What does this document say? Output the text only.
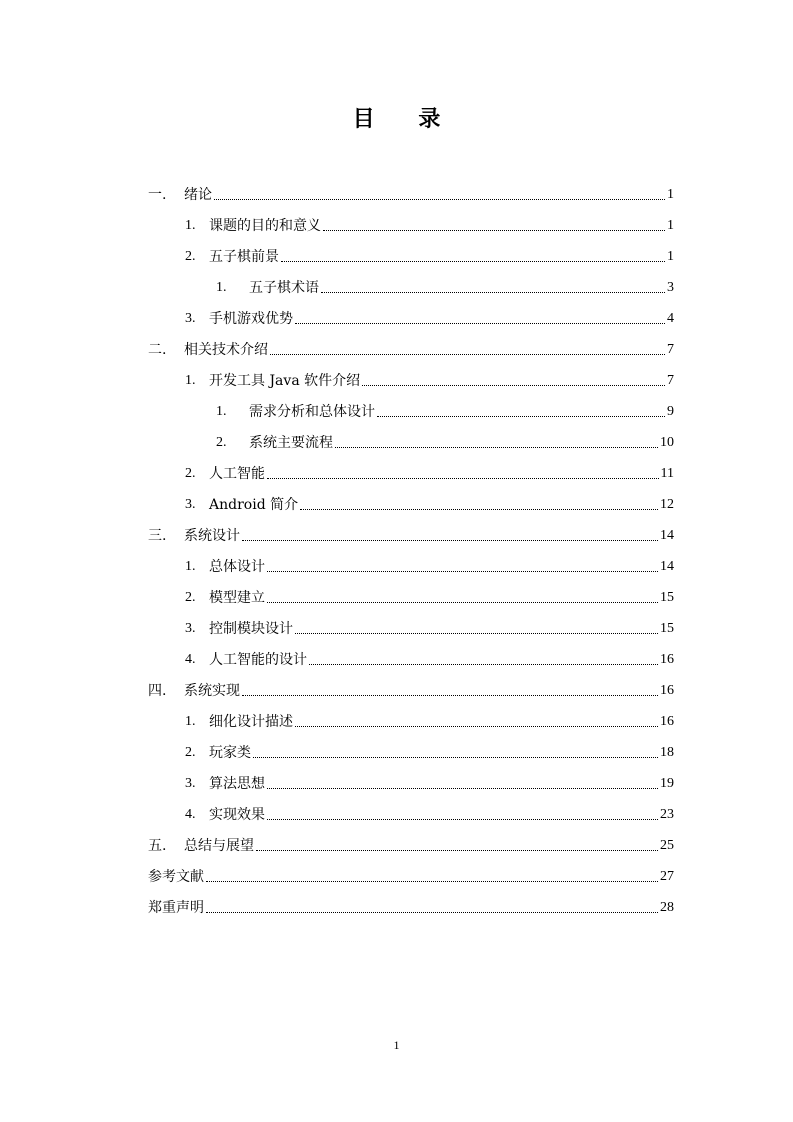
目 录
一.	绪论	1
1. 课题的目的和意义	1
2. 五子棋前景	1
1.	五子棋术语	3
3. 手机游戏优势	4
二.	相关技术介绍	7
1. 开发工具 Java 软件介绍	7
1.	需求分析和总体设计	9
2.	系统主要流程	10
2. 人工智能	11
3. Android 简介	12
三.	系统设计	14
1. 总体设计	14
2. 模型建立	15
3. 控制模块设计	15
4. 人工智能的设计	16
四.	系统实现	16
1. 细化设计描述	16
2. 玩家类	18
3. 算法思想	19
4. 实现效果	23
五.	总结与展望	25
参考文献	27
郑重声明	28
1
